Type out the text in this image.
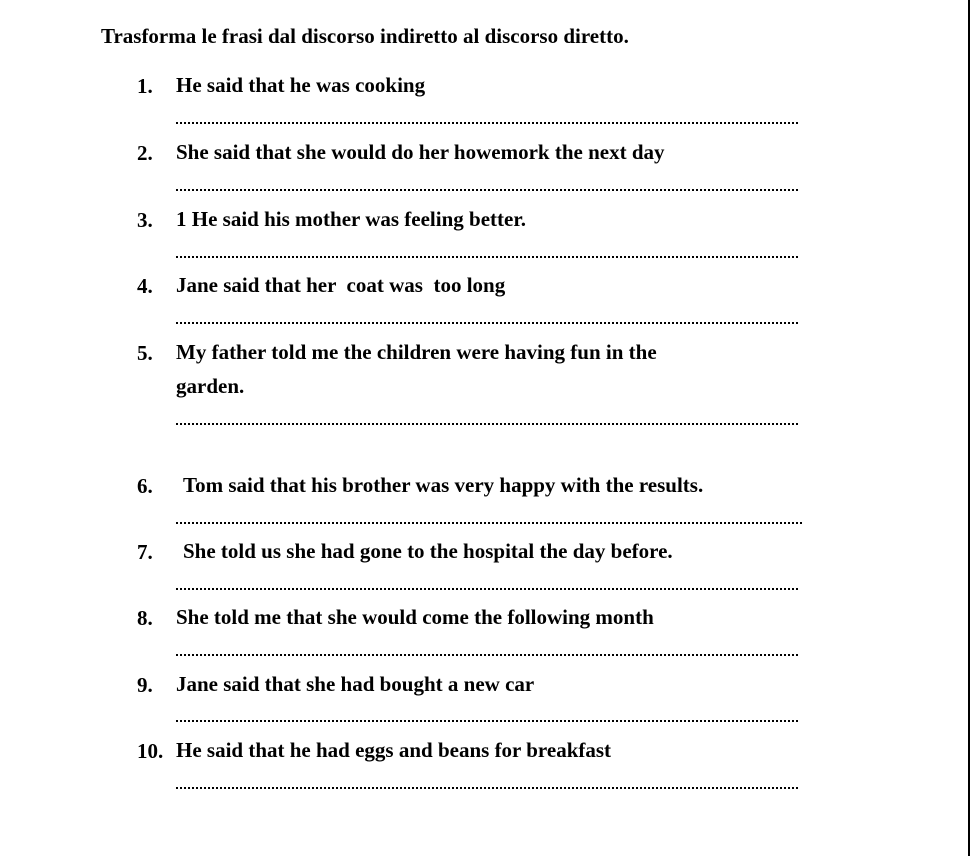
Trasforma le frasi dal discorso indiretto al discorso diretto.
1. He said that he was cooking
2. She said that she would do her howemork the next day
3. 1 He said his mother was feeling better.
4. Jane said that her  coat was  too long
5. My father told me the children were having fun in the
garden.
6. Tom said that his brother was very happy with the results.
7. She told us she had gone to the hospital the day before.
8. She told me that she would come the following month
9. Jane said that she had bought a new car
10. He said that he had eggs and beans for breakfast
